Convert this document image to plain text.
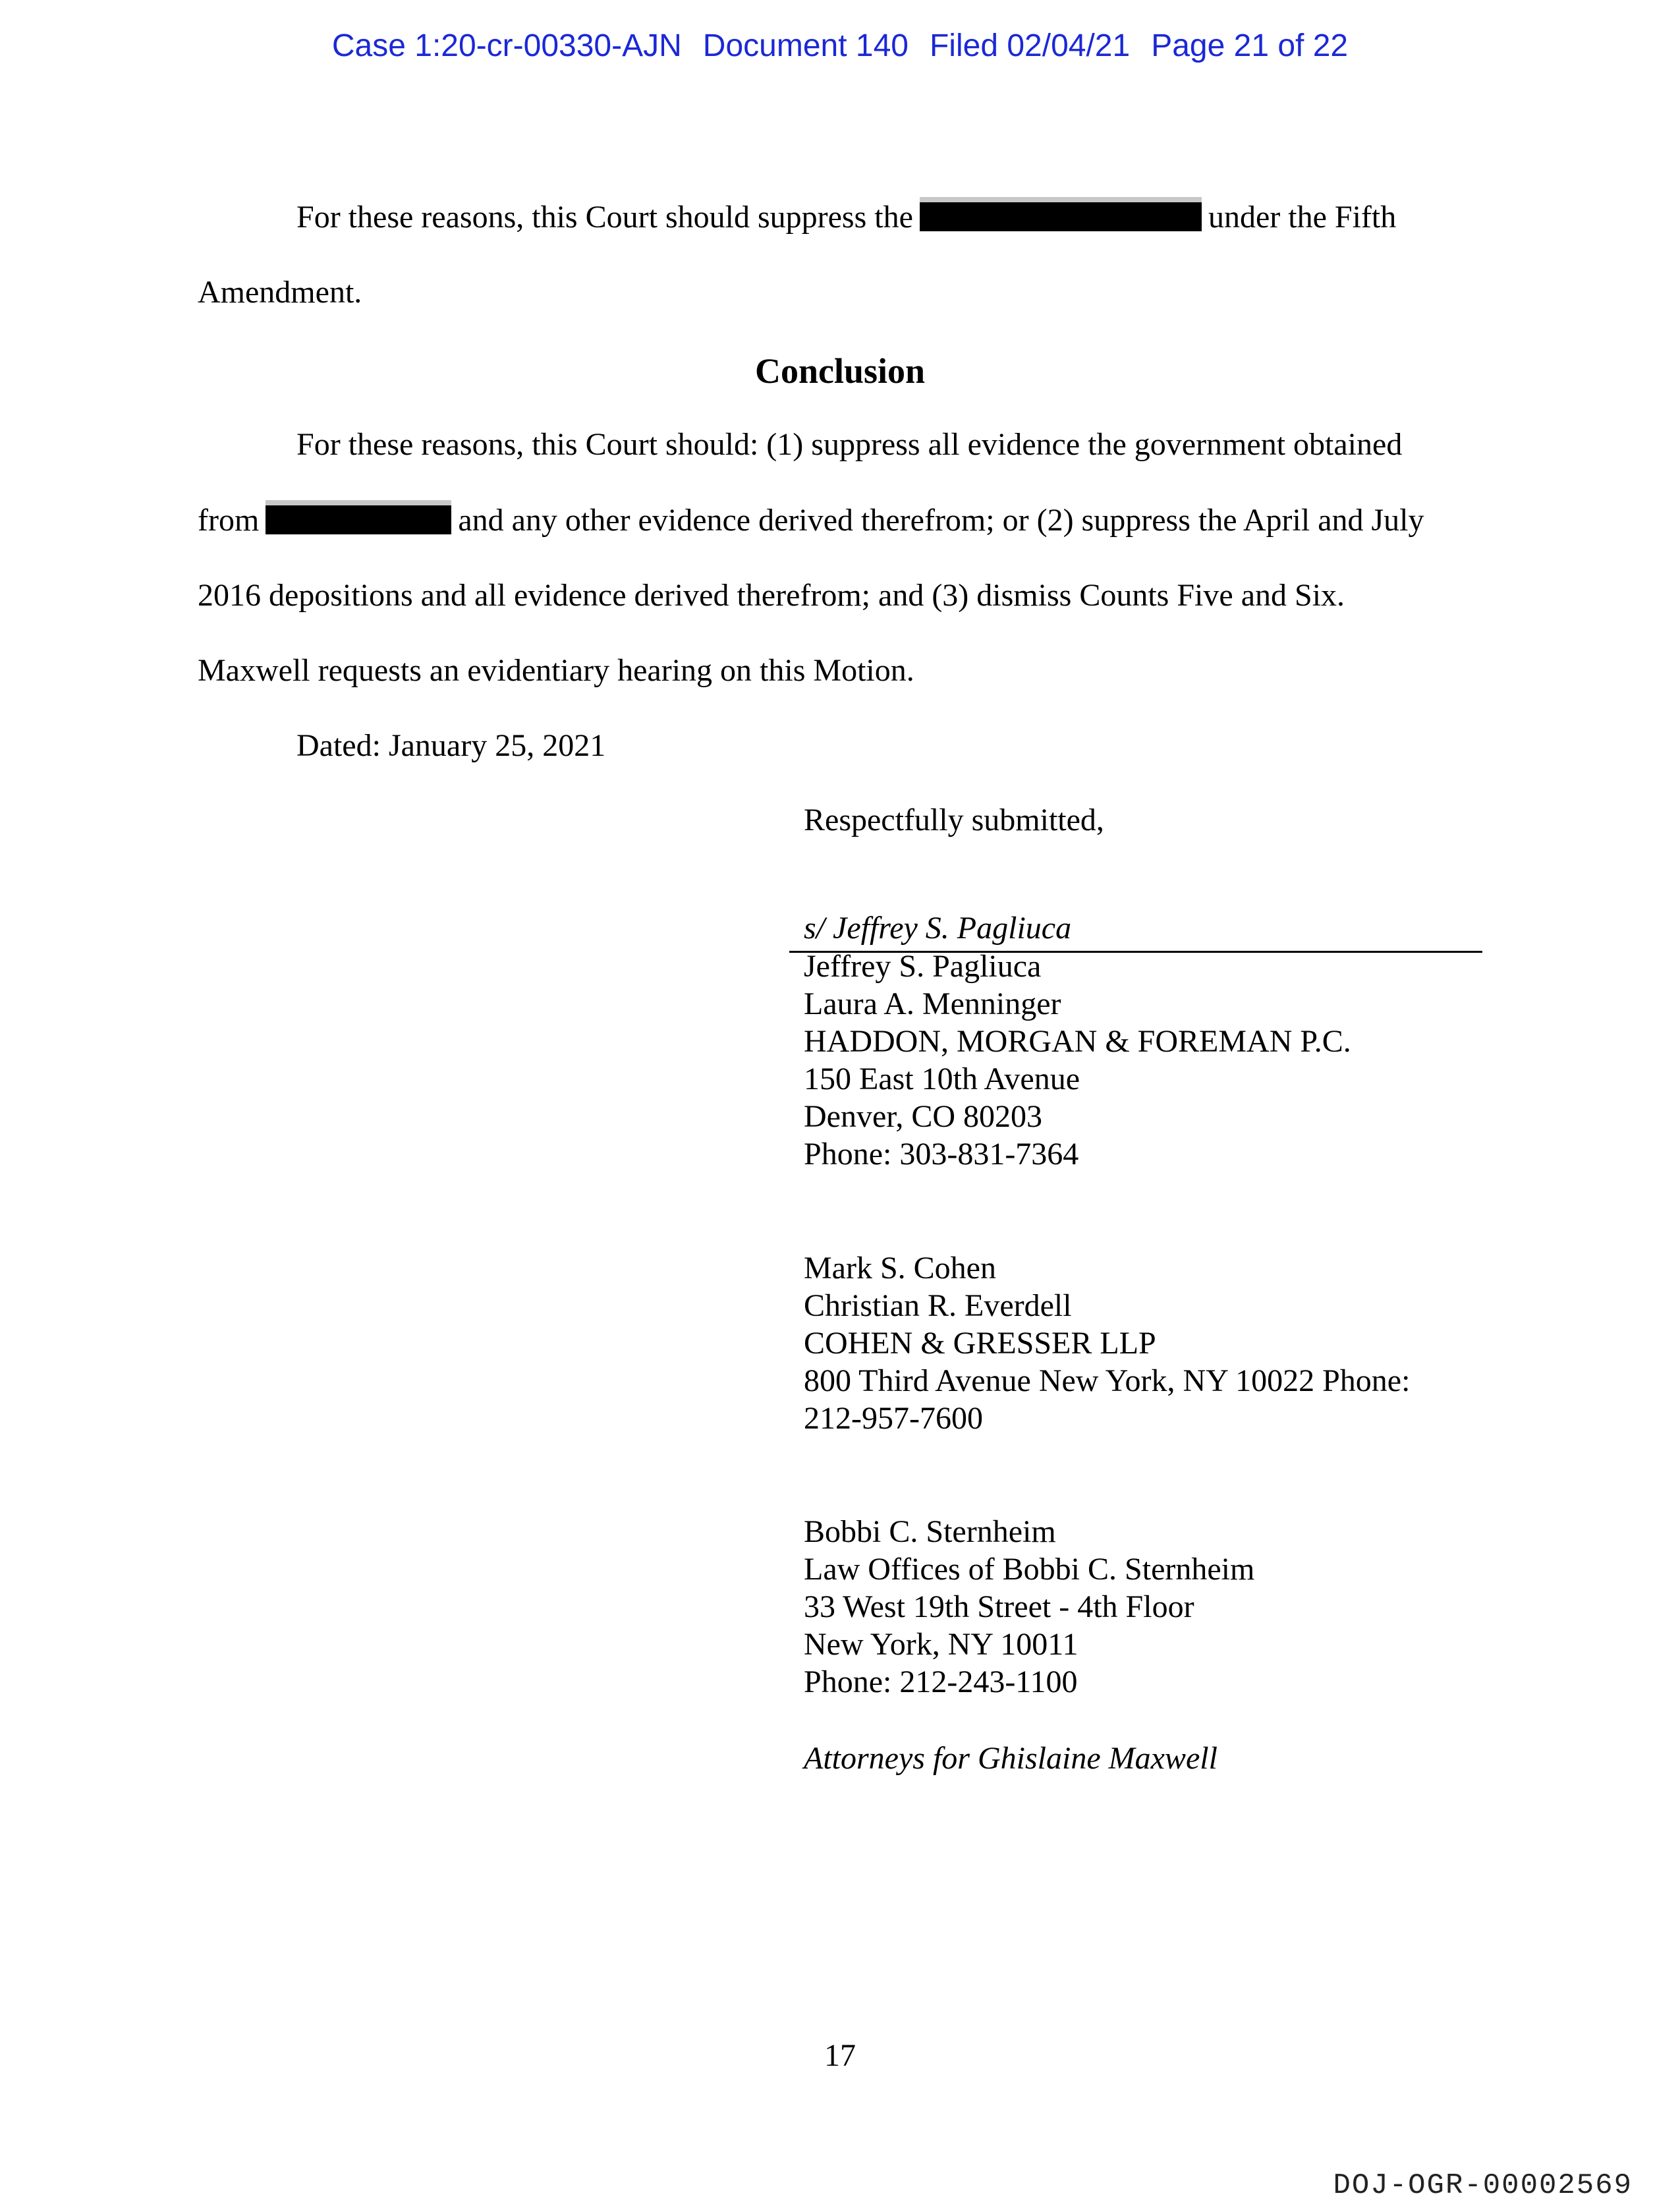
Case 1:20-cr-00330-AJN Document 140 Filed 02/04/21 Page 21 of 22
For these reasons, this Court should suppress the	under the Fifth
Amendment.
Conclusion
For these reasons, this Court should: (1) suppress all evidence the government obtained
from	and any other evidence derived therefrom; or (2) suppress the April and July
2016 depositions and all evidence derived therefrom; and (3) dismiss Counts Five and Six.
Maxwell requests an evidentiary hearing on this Motion.
Dated: January 25, 2021
Respectfully submitted,
s/ Jeffrey S. Pagliuca
Jeffrey S. Pagliuca
Laura A. Menninger
HADDON, MORGAN & FOREMAN P.C.
150 East 10th Avenue
Denver, CO 80203
Phone: 303-831-7364
Mark S. Cohen
Christian R. Everdell
COHEN & GRESSER LLP
800 Third Avenue New York, NY 10022 Phone:
212-957-7600
Bobbi C. Sternheim
Law Offices of Bobbi C. Sternheim
33 West 19th Street - 4th Floor
New York, NY 10011
Phone: 212-243-1100
Attorneys for Ghislaine Maxwell
17
DOJ-OGR-00002569
